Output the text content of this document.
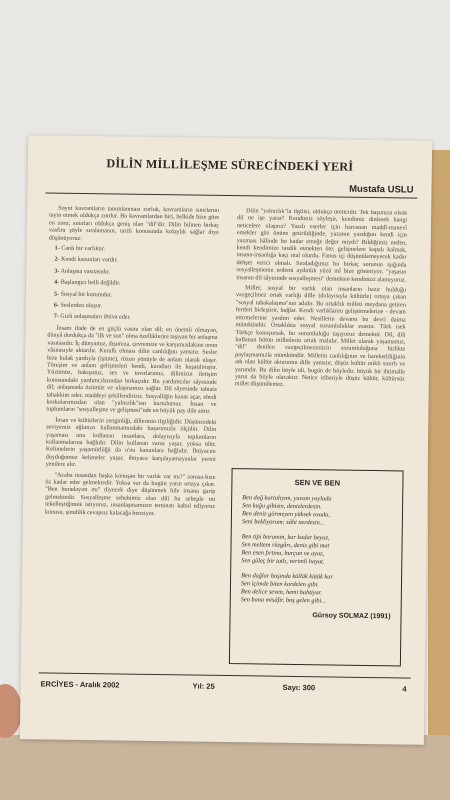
DİLİN MİLLİLEŞME SÜRECİNDEKİ YERİ
Mustafa USLU

Soyut kavramların tanımlanması zorluk, kavramların sınırlarını tayin etmek oldukça zordur. Bu kavramlardan biri, belkide bize göre en zoru; sınırları oldukça geniş olan "dil"dir. Dilin bilinen birkaç vasfını şöyle sıralamanın, tarifi konusunda kolaylık sağlar diye düşünüyoruz:

1- Canlı bir varlıktır.
2- Kendi kanunları vardır.
3- Anlaşma vasıtasıdır.
4- Başlangıcı belli değildir.
5- Sosyal bir kurumdur.
6- Seslerden oluşur.
7- Gizli anlaşmaları ihtiva eder.

İnsanı ifade de en güçlü vasıta olan dil; en önemli olmayan, dünyâ durdukça da "ilk ve son" olma özelliklerini taşıyan bir anlaşma vasıtasıdır. İç dünyamız, dışımıza, çevremize ve karşımızdakine onun vâsıtasıyle aktarılır. Kurallı olması dilin canlılığını yansıtır. Sesler bize kulak yardıyla (işitme), rüzun yönüyle de anlam olarak ulaşır. Türeşim ve anlam gelişmeleri kendi, kuralları ile kuşatılmıştır. Yüzümüz, bakışımız, ses ve tavırlarımız, dilimizin iletişim konusundaki yardımcılarından birkaçıdır. Bu yardımcılar sâyesinde dil; anlaşmada özümüz ve ulaşmamızı sağlar. Dil sâyesinde tabiata tahakkim eder, maddeyi şekillendiririz. Sosyalliğin kanat açar, ebedi korkularımızdan olan "yalnızlık"tan kurtulursuz. İnsan ve toplumların "sosyalleşme ve gelişmesi"nde en büyük pay dile aittir.

İnsan ve kültürlerin zenginliği, dillerinin ifgiliğidir. Düşüncedeki seviyemiz ağlımızı kullanmamızdaki başarımızla ölçülür. Dilin yaşaması onu kullanan insanlara, dolayısıyla toplumların kullanmalarına bağlıdır. Dilin kullanan varsa yaşar, yoksa ölür. Kelimelerin yaşamürlüğü da o'nu kanunlara bağlıdır. İhtiyacını duyduğumuz kelimeler yaşar, ihtiyaca karşılayamayanlar yerini yenilere alır.

"Acaba insandan başka konuşan bir varlık var mı?" sorusu-bize öz kadar eder gelmektedir. Yoksa var da bugün yarın ortaya çıkar. "Ben buradayım mı" diyecek diye düşünmek bile insana garip gelmektedir. Sosyalleşme sebebimiz olan dili bu sebeple mi tekelleştiğimek istiyoruz, insanlaşmamızın teminatı kabul ediyoruz konusu, şimdilik cevapsız kalacağa benziyor.

Dilin "yalnızlık"la ilgilisi, oldukça üreticidir. Tek başımıza olsak dil ne işe yarar? Kendimiz söyleşir, kendimiz dinlesek hangi neticelere ulaşırız? Yazılı eserler için harcanan maddî-manevî emekler göz önüne getirildiğinde, yazanın yazdığını kendi için yazması hâlinde bu kadar emeğe değer miydi? Bildiğimiz neden, kendi kendimize tasdik etmekten öte; gelişmelere kapalı kalmak, insana-insanlığa kaçı mal olurdu. Fanus içi düşünülemeyecek kadar dehşet verici olmalı. Sıraladığımız bu birkaç sorunun işığında sosyalleşmenin erdemi aydınlık yüzü mî bize gösteriyor, "yaşasın insanın dil sâyesinde sosyalleşmesi" demekten kendimizi alamıyoruz.

Millet; sosyal bir varlık olan insanların hazır bulduğu vazgeçilmez ortak varlığı dille (dolayısıyla kültürle) ortaya çıkan "sosyal tabakalaşma"nın adıdır. Bu ortaklık milleti meydana getiren fertleri birleştirir, bağlar. Kendi varlıklarını geliştirmelerine - devam ettirmelerine yardım eder. Nesillerin devamı bu devri daima mümkündür. Ortaklıkta sosyal sorumluluklar esastır. Türk isek Türkçe konuşursak, bu sorumluluğu taşıyoruz demektir. Dil, dili kullanan bütün milletlerin ortak malıdır. Millet olarak yaşamamız, "dil" denilen vazgeçilmezimizin sorumluluğuna birlikte paylaşmamızla mümkündür. Milletin canlılığının ve hareketliliğinin adı olan kültür aktarımın dille yansıtır, düşüz kültür mikli sınırlı ve yarımdır. Bu dilin böyle idi, bugün de böyledir, büyük bir ihtimalle yarın da böyle olacaktır. Netice itibariyle düşüz kültür, kültürsüz millet düşünülemez.

SEN VE BEN
Ben dağ kartalıyım, yuvam yaylada
Sen kuğu gibisin, denizlerdesin.
Ben deniz görmeyen yüksek ovada,
Seni bekliyorum; sâhi nerdesin...
Ben tipi boranım, kar kadar beyaz,
Sen meltem rüzgârı, deniz gibi mat
Ben esen fırtına, burçun ve ayaz,
Sen güleç bir tatlı, verimli hayat.
Ben dağlar başında küllük kütük kar
Sen içimde biten kardelen gibi.
Ben delice seven, hemi bahtiyar.
Sen bana misâfir, boş gelen gibi...
Gürsoy SOLMAZ (1991)
ERCİYES - Aralık 2002	Yıl: 25	Sayı: 300	4
